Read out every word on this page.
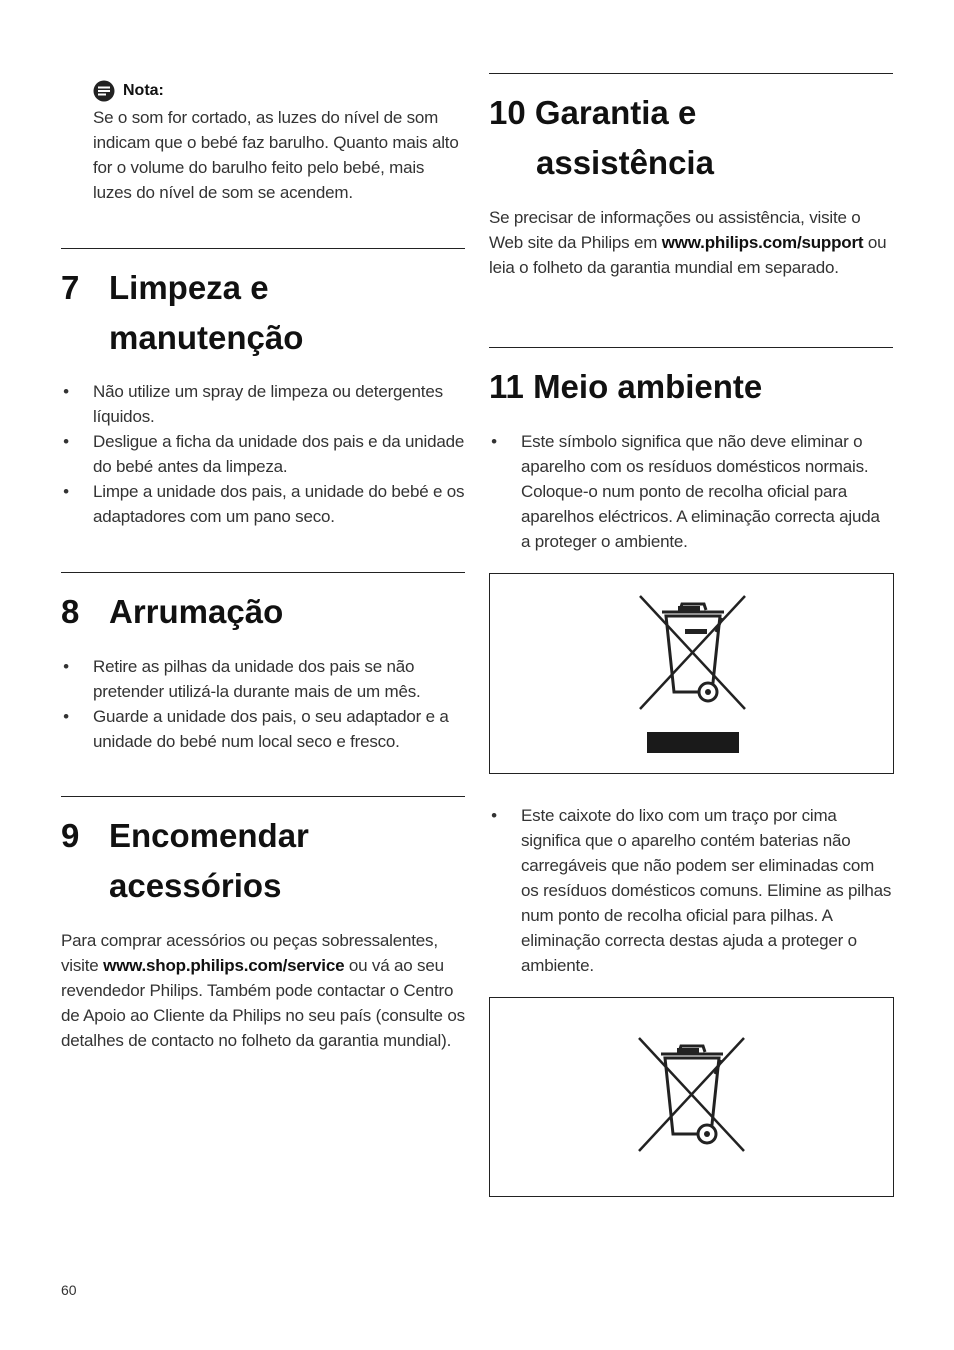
Nota:

Se o som for cortado, as luzes do nível de som indicam que o bebé faz barulho. Quanto mais alto for o volume do barulho feito pelo bebé, mais luzes do nível de som se acendem.

7 Limpeza e
manutenção
• Não utilize um spray de limpeza ou detergentes líquidos.
• Desligue a ficha da unidade dos pais e da unidade do bebé antes da limpeza.
• Limpe a unidade dos pais, a unidade do bebé e os adaptadores com um pano seco.
8 Arrumação
• Retire as pilhas da unidade dos pais se não pretender utilizá-la durante mais de um mês.
• Guarde a unidade dos pais, o seu adaptador e a unidade do bebé num local seco e fresco.
9 Encomendar
acessórios

Para comprar acessórios ou peças sobressalentes, visite www.shop.philips.com/service ou vá ao seu revendedor Philips. Também pode contactar o Centro de Apoio ao Cliente da Philips no seu país (consulte os detalhes de contacto no folheto da garantia mundial).

10 Garantia e
assistência

Se precisar de informações ou assistência, visite o Web site da Philips em www.philips.com/support ou leia o folheto da garantia mundial em separado.

11 Meio ambiente
• Este símbolo significa que não deve eliminar o aparelho com os resíduos domésticos normais. Coloque-o num ponto de recolha oficial para aparelhos eléctricos. A eliminação correcta ajuda a proteger o ambiente.
• Este caixote do lixo com um traço por cima significa que o aparelho contém baterias não carregáveis que não podem ser eliminadas com os resíduos domésticos comuns. Elimine as pilhas num ponto de recolha oficial para pilhas. A eliminação correcta destas ajuda a proteger o ambiente.
60
